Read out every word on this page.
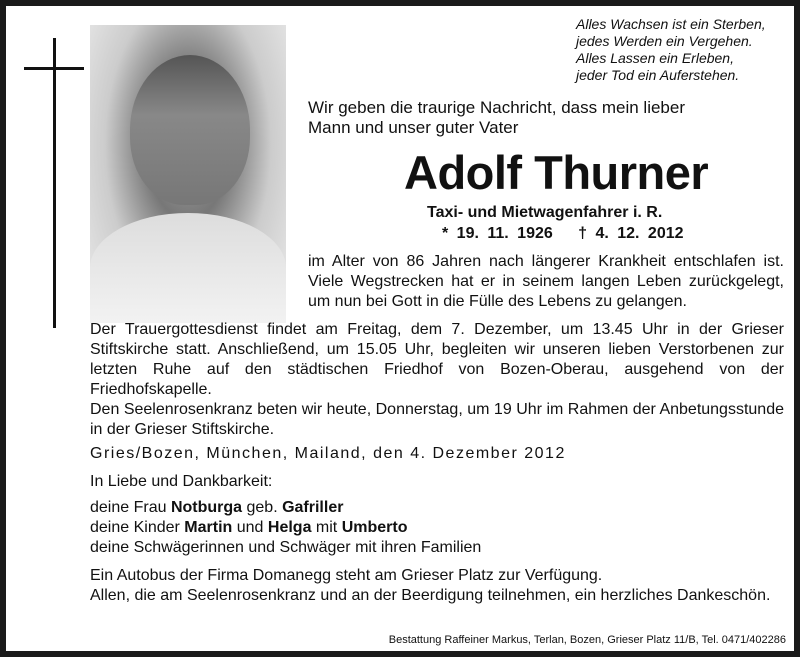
Alles Wachsen ist ein Sterben,
jedes Werden ein Vergehen.
Alles Lassen ein Erleben,
jeder Tod ein Auferstehen.
Wir geben die traurige Nachricht, dass mein lieber
Mann und unser guter Vater
Adolf Thurner
Taxi- und Mietwagenfahrer i. R.
* 19. 11. 1926 † 4. 12. 2012

im Alter von 86 Jahren nach längerer Krankheit entschlafen ist. Viele Wegstrecken hat er in seinem langen Leben zurückgelegt, um nun bei Gott in die Fülle des Lebens zu gelangen.

Der Trauergottesdienst findet am Freitag, dem 7. Dezember, um 13.45 Uhr in der Grieser Stiftskirche statt. Anschließend, um 15.05 Uhr, begleiten wir unseren lieben Verstorbenen zur letzten Ruhe auf den städtischen Friedhof von Bozen-Oberau, ausgehend von der Friedhofskapelle.

Den Seelenrosenkranz beten wir heute, Donnerstag, um 19 Uhr im Rahmen der Anbetungsstunde in der Grieser Stiftskirche.

Gries/Bozen, München, Mailand, den 4. Dezember 2012

In Liebe und Dankbarkeit:

deine Frau Notburga geb. Gafriller

deine Kinder Martin und Helga mit Umberto

deine Schwägerinnen und Schwäger mit ihren Familien

Ein Autobus der Firma Domanegg steht am Grieser Platz zur Verfügung.

Allen, die am Seelenrosenkranz und an der Beerdigung teilnehmen, ein herzliches Dankeschön.

Bestattung Raffeiner Markus, Terlan, Bozen, Grieser Platz 11/B, Tel. 0471/402286
